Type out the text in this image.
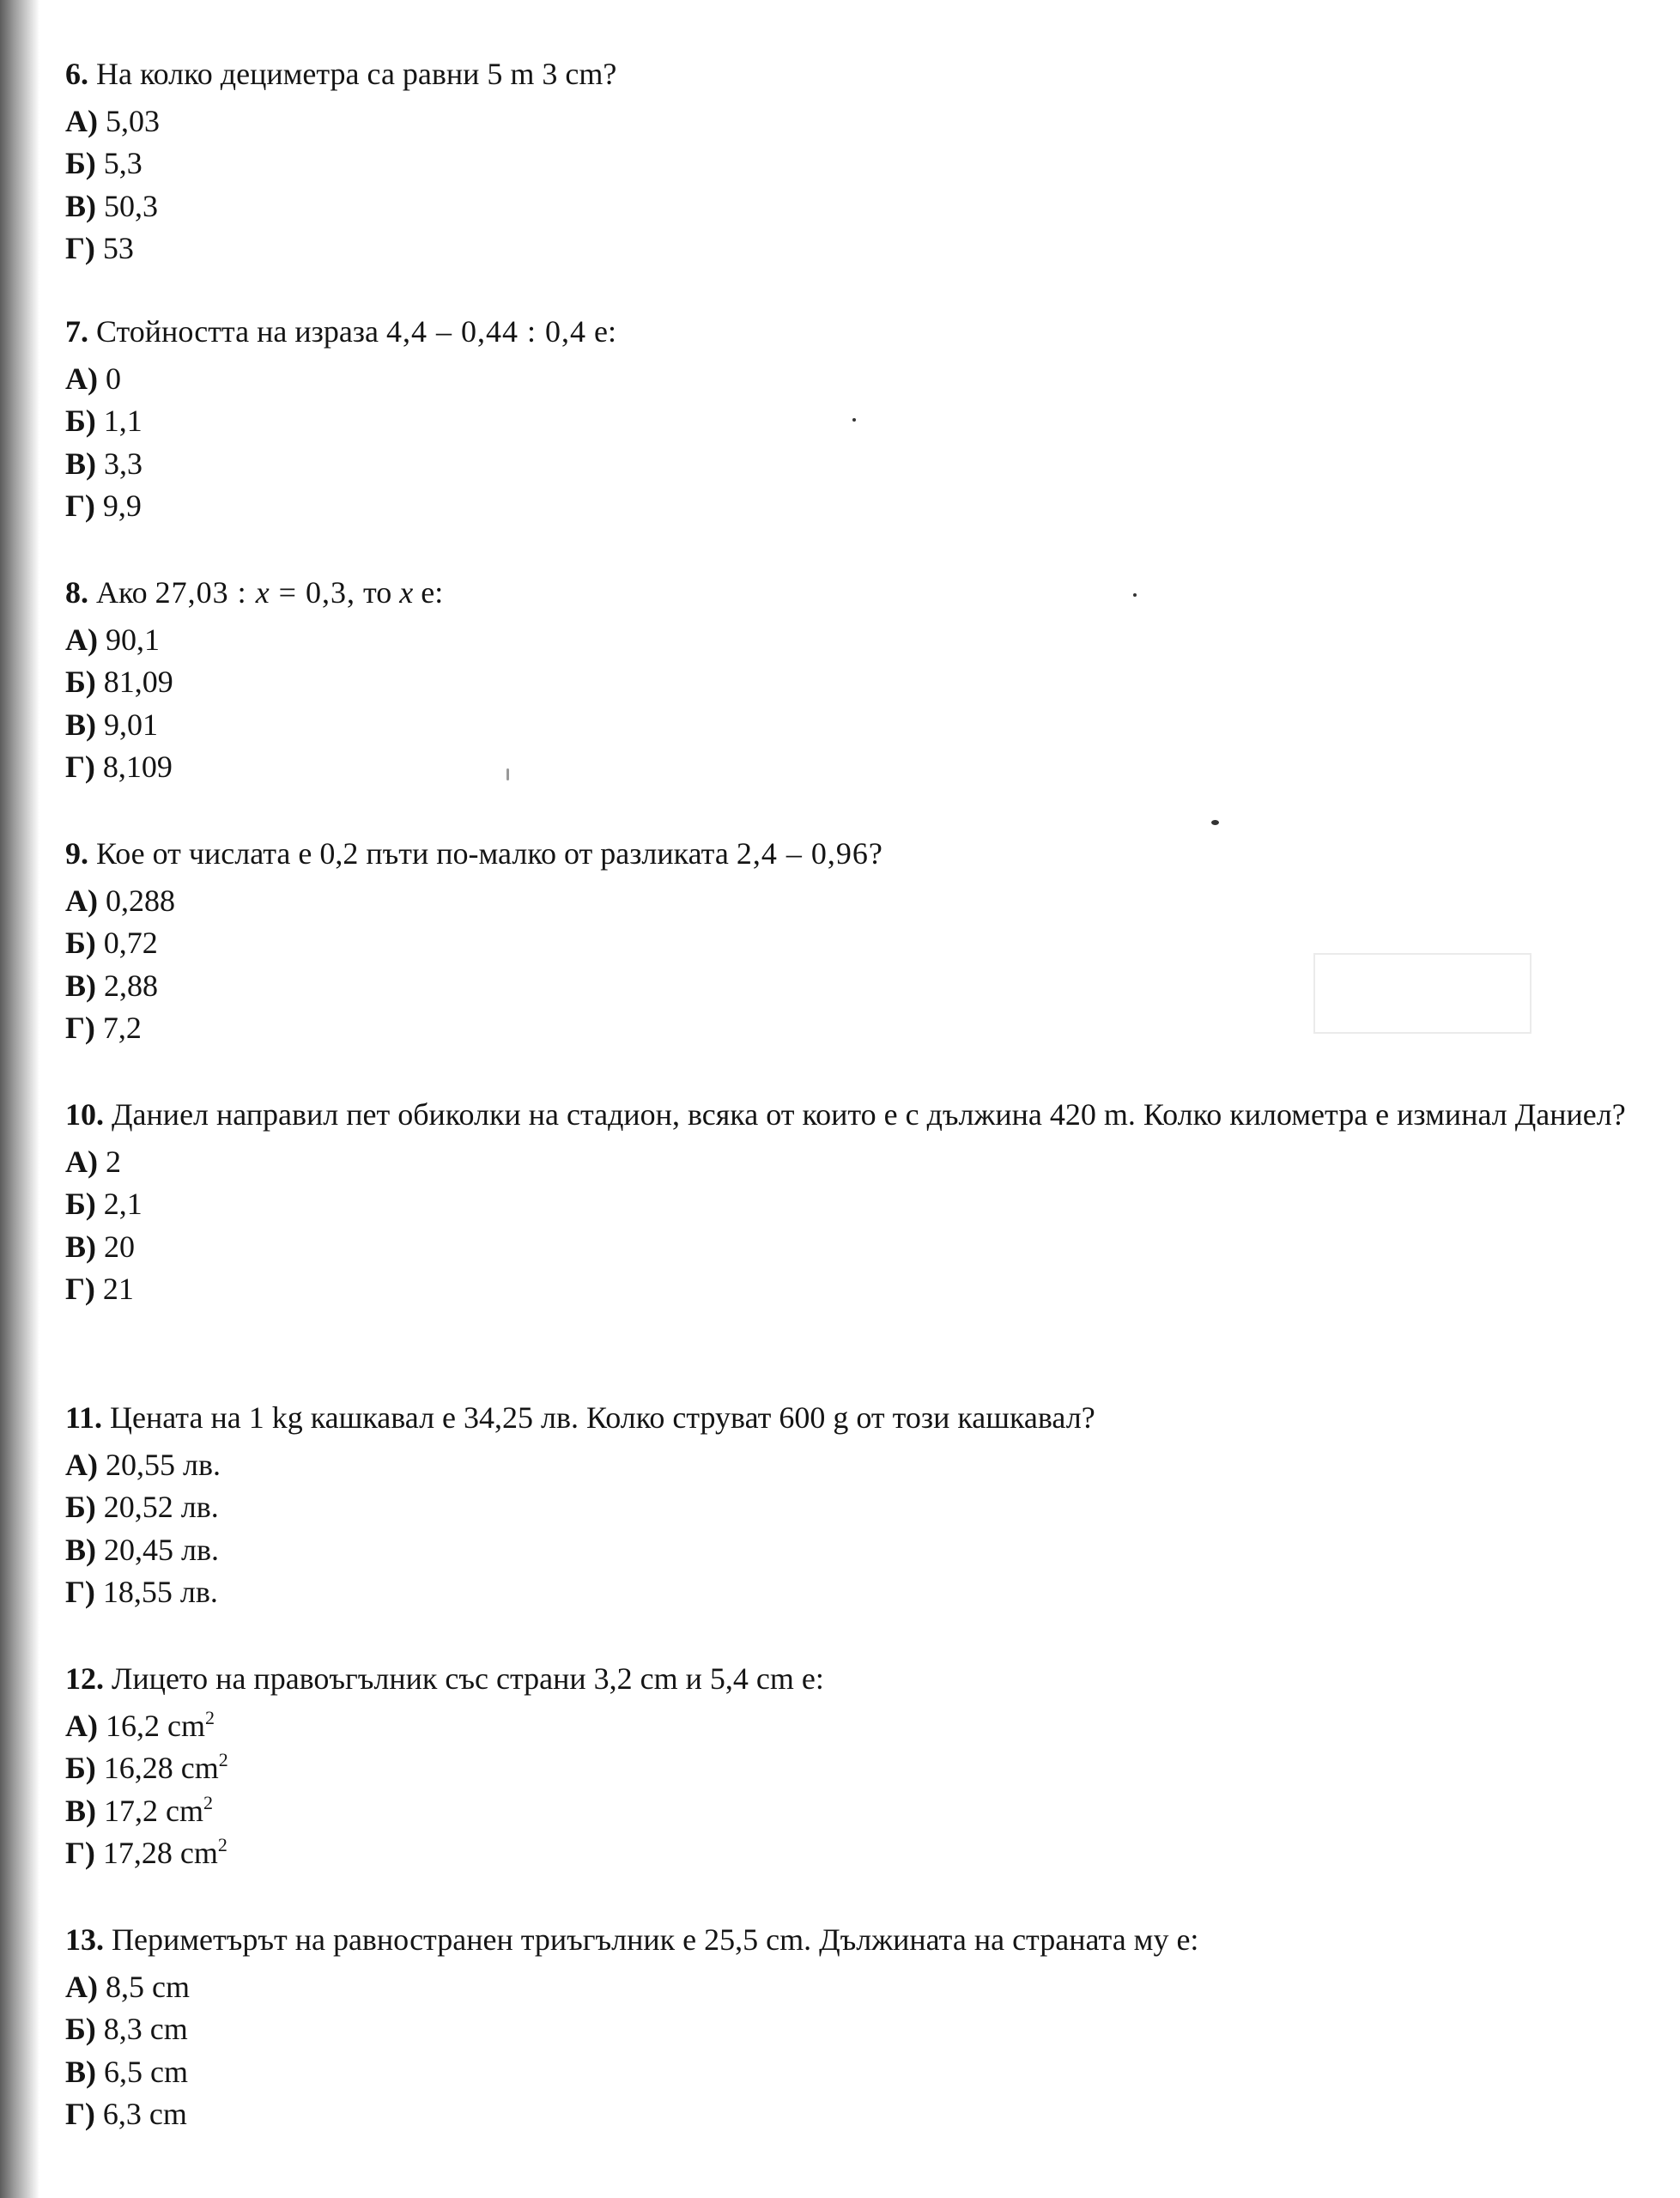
6. На колко дециметра са равни 5 m 3 cm?

А) 5,03
Б) 5,3
В) 50,3
Г) 53

7. Стойността на израза 4,4 – 0,44 : 0,4 е:

А) 0
Б) 1,1
В) 3,3
Г) 9,9

8. Ако 27,03 : x = 0,3, то x е:

А) 90,1
Б) 81,09
В) 9,01
Г) 8,109

9. Кое от числата е 0,2 пъти по-малко от разликата 2,4 – 0,96?

А) 0,288
Б) 0,72
В) 2,88
Г) 7,2

10. Даниел направил пет обиколки на стадион, всяка от които е с дължина 420 m. Колко километра е изминал Даниел?

А) 2
Б) 2,1
В) 20
Г) 21

11. Цената на 1 kg кашкавал е 34,25 лв. Колко струват 600 g от този кашкавал?

А) 20,55 лв.
Б) 20,52 лв.
В) 20,45 лв.
Г) 18,55 лв.

12. Лицето на правоъгълник със страни 3,2 cm и 5,4 cm е:

А) 16,2 $cm^2$
Б) 16,28 $cm^2$
В) 17,2 $cm^2$
Г) 17,28 $cm^2$

13. Периметърът на равностранен триъгълник е 25,5 cm. Дължината на страната му е:

А) 8,5 cm
Б) 8,3 cm
В) 6,5 cm
Г) 6,3 cm
